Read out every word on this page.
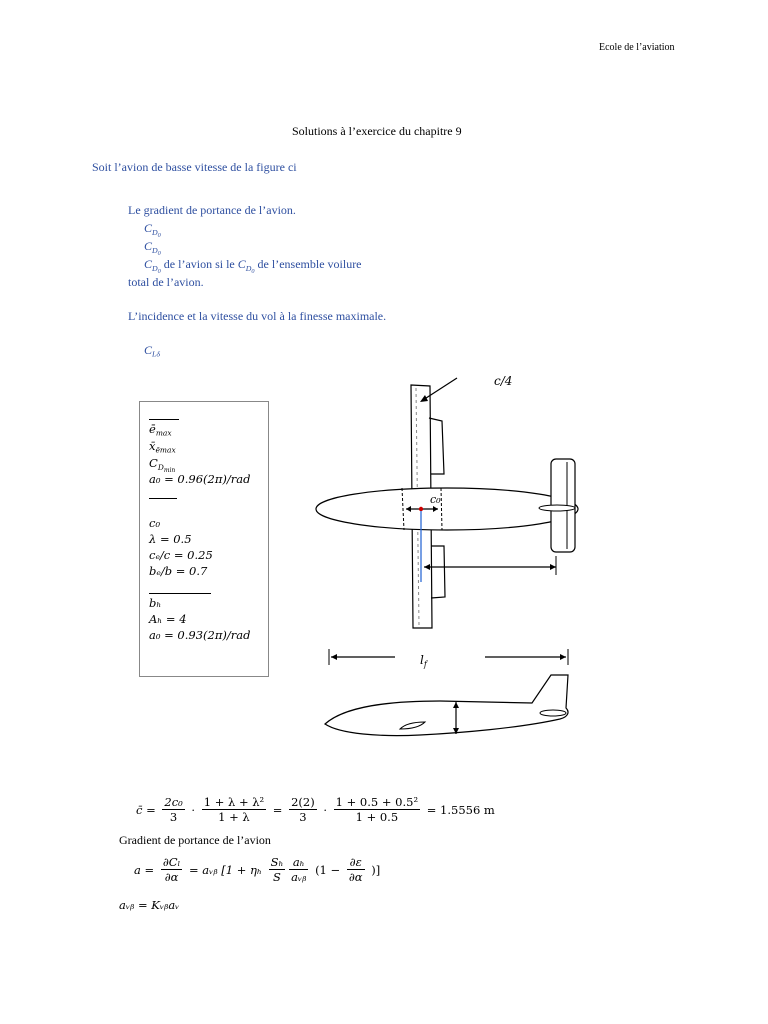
Ecole de l’aviation
Solutions à l’exercice du chapitre 9
Soit l’avion de basse vitesse de la figure ci
Le gradient de portance de l’avion.
$C_{D_0}$
$C_{D_0}$
$C_{D_0}$ de l’avion si le $C_{D_0}$ de l’ensemble voilure
total de l’avion.
L’incidence et la vitesse du vol à la finesse maximale.
$C_{L\delta}$
$e_{max}$
$x_{ēmax}$
$C_{D_{min}}$
a₀ = 0.96(2π)/rad
c₀
λ = 0.5
cₑ/c = 0.25
bₑ/b = 0.7
bₕ
Aₕ = 4
a₀ = 0.93(2π)/rad
c/4
c₀
$l_f$
c̄ = $\frac{\text{2c₀}}{3} \cdot \frac{\text{1 + λ + λ²}}{1 + \lambda} = \frac{2(2)}{3} \cdot \frac{\text{1 + 0.5 + 0.5²}}{1 + 0.5} = 1.5556$ m
Gradient de portance de l’avion
$a = \frac{\text{∂Cₗ}}{\partial\alpha}$ = aᵥᵦ [1 + ηₕ $\frac{\text{Sₕ}}{S}$
$\frac{\text{aₕ}}{\text{aᵥᵦ}} (1 - \frac{\partial\varepsilon}{\partial\alpha}$ )]
aᵥᵦ = Kᵥᵦaᵥ
